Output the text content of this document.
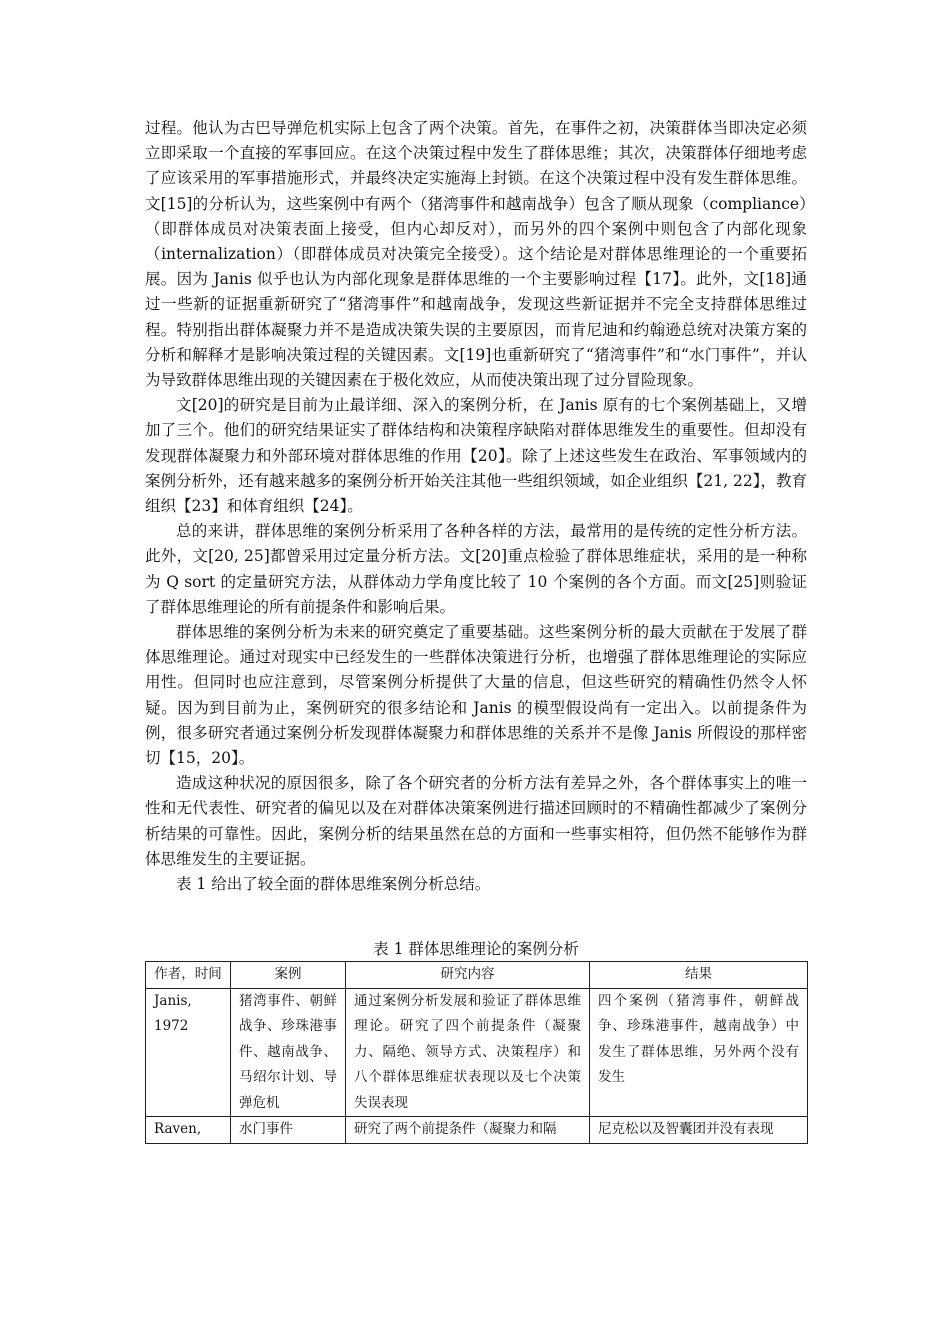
过程。他认为古巴导弹危机实际上包含了两个决策。首先，在事件之初，决策群体当即决定必须立即采取一个直接的军事回应。在这个决策过程中发生了群体思维；其次，决策群体仔细地考虑了应该采用的军事措施形式，并最终决定实施海上封锁。在这个决策过程中没有发生群体思维。文[15]的分析认为，这些案例中有两个（猪湾事件和越南战争）包含了顺从现象（compliance）（即群体成员对决策表面上接受，但内心却反对），而另外的四个案例中则包含了内部化现象（internalization）（即群体成员对决策完全接受）。这个结论是对群体思维理论的一个重要拓展。因为 Janis 似乎也认为内部化现象是群体思维的一个主要影响过程【17】。此外，文[18]通过一些新的证据重新研究了“猪湾事件”和越南战争，发现这些新证据并不完全支持群体思维过程。特别指出群体凝聚力并不是造成决策失误的主要原因，而肯尼迪和约翰逊总统对决策方案的分析和解释才是影响决策过程的关键因素。文[19]也重新研究了“猪湾事件”和“水门事件”，并认为导致群体思维出现的关键因素在于极化效应，从而使决策出现了过分冒险现象。

文[20]的研究是目前为止最详细、深入的案例分析，在 Janis 原有的七个案例基础上，又增加了三个。他们的研究结果证实了群体结构和决策程序缺陷对群体思维发生的重要性。但却没有发现群体凝聚力和外部环境对群体思维的作用【20】。除了上述这些发生在政治、军事领域内的案例分析外，还有越来越多的案例分析开始关注其他一些组织领域，如企业组织【21, 22】，教育组织【23】和体育组织【24】。

总的来讲，群体思维的案例分析采用了各种各样的方法，最常用的是传统的定性分析方法。此外，文[20, 25]都曾采用过定量分析方法。文[20]重点检验了群体思维症状，采用的是一种称为 Q sort 的定量研究方法，从群体动力学角度比较了 10 个案例的各个方面。而文[25]则验证了群体思维理论的所有前提条件和影响后果。

群体思维的案例分析为未来的研究奠定了重要基础。这些案例分析的最大贡献在于发展了群体思维理论。通过对现实中已经发生的一些群体决策进行分析，也增强了群体思维理论的实际应用性。但同时也应注意到，尽管案例分析提供了大量的信息，但这些研究的精确性仍然令人怀疑。因为到目前为止，案例研究的很多结论和 Janis 的模型假设尚有一定出入。以前提条件为例，很多研究者通过案例分析发现群体凝聚力和群体思维的关系并不是像 Janis 所假设的那样密切【15，20】。

造成这种状况的原因很多，除了各个研究者的分析方法有差异之外，各个群体事实上的唯一性和无代表性、研究者的偏见以及在对群体决策案例进行描述回顾时的不精确性都减少了案例分析结果的可靠性。因此，案例分析的结果虽然在总的方面和一些事实相符，但仍然不能够作为群体思维发生的主要证据。

表 1 给出了较全面的群体思维案例分析总结。

表 1 群体思维理论的案例分析
作者，时间	案例	研究内容	结果
Janis, 1972	猪湾事件、朝鲜战争、珍珠港事件、越南战争、马绍尔计划、导弹危机	通过案例分析发展和验证了群体思维理论。研究了四个前提条件（凝聚力、隔绝、领导方式、决策程序）和八个群体思维症状表现以及七个决策失误表现	四个案例（猪湾事件，朝鲜战争、珍珠港事件，越南战争）中发生了群体思维，另外两个没有发生
Raven,	水门事件	研究了两个前提条件（凝聚力和隔	尼克松以及智囊团并没有表现
